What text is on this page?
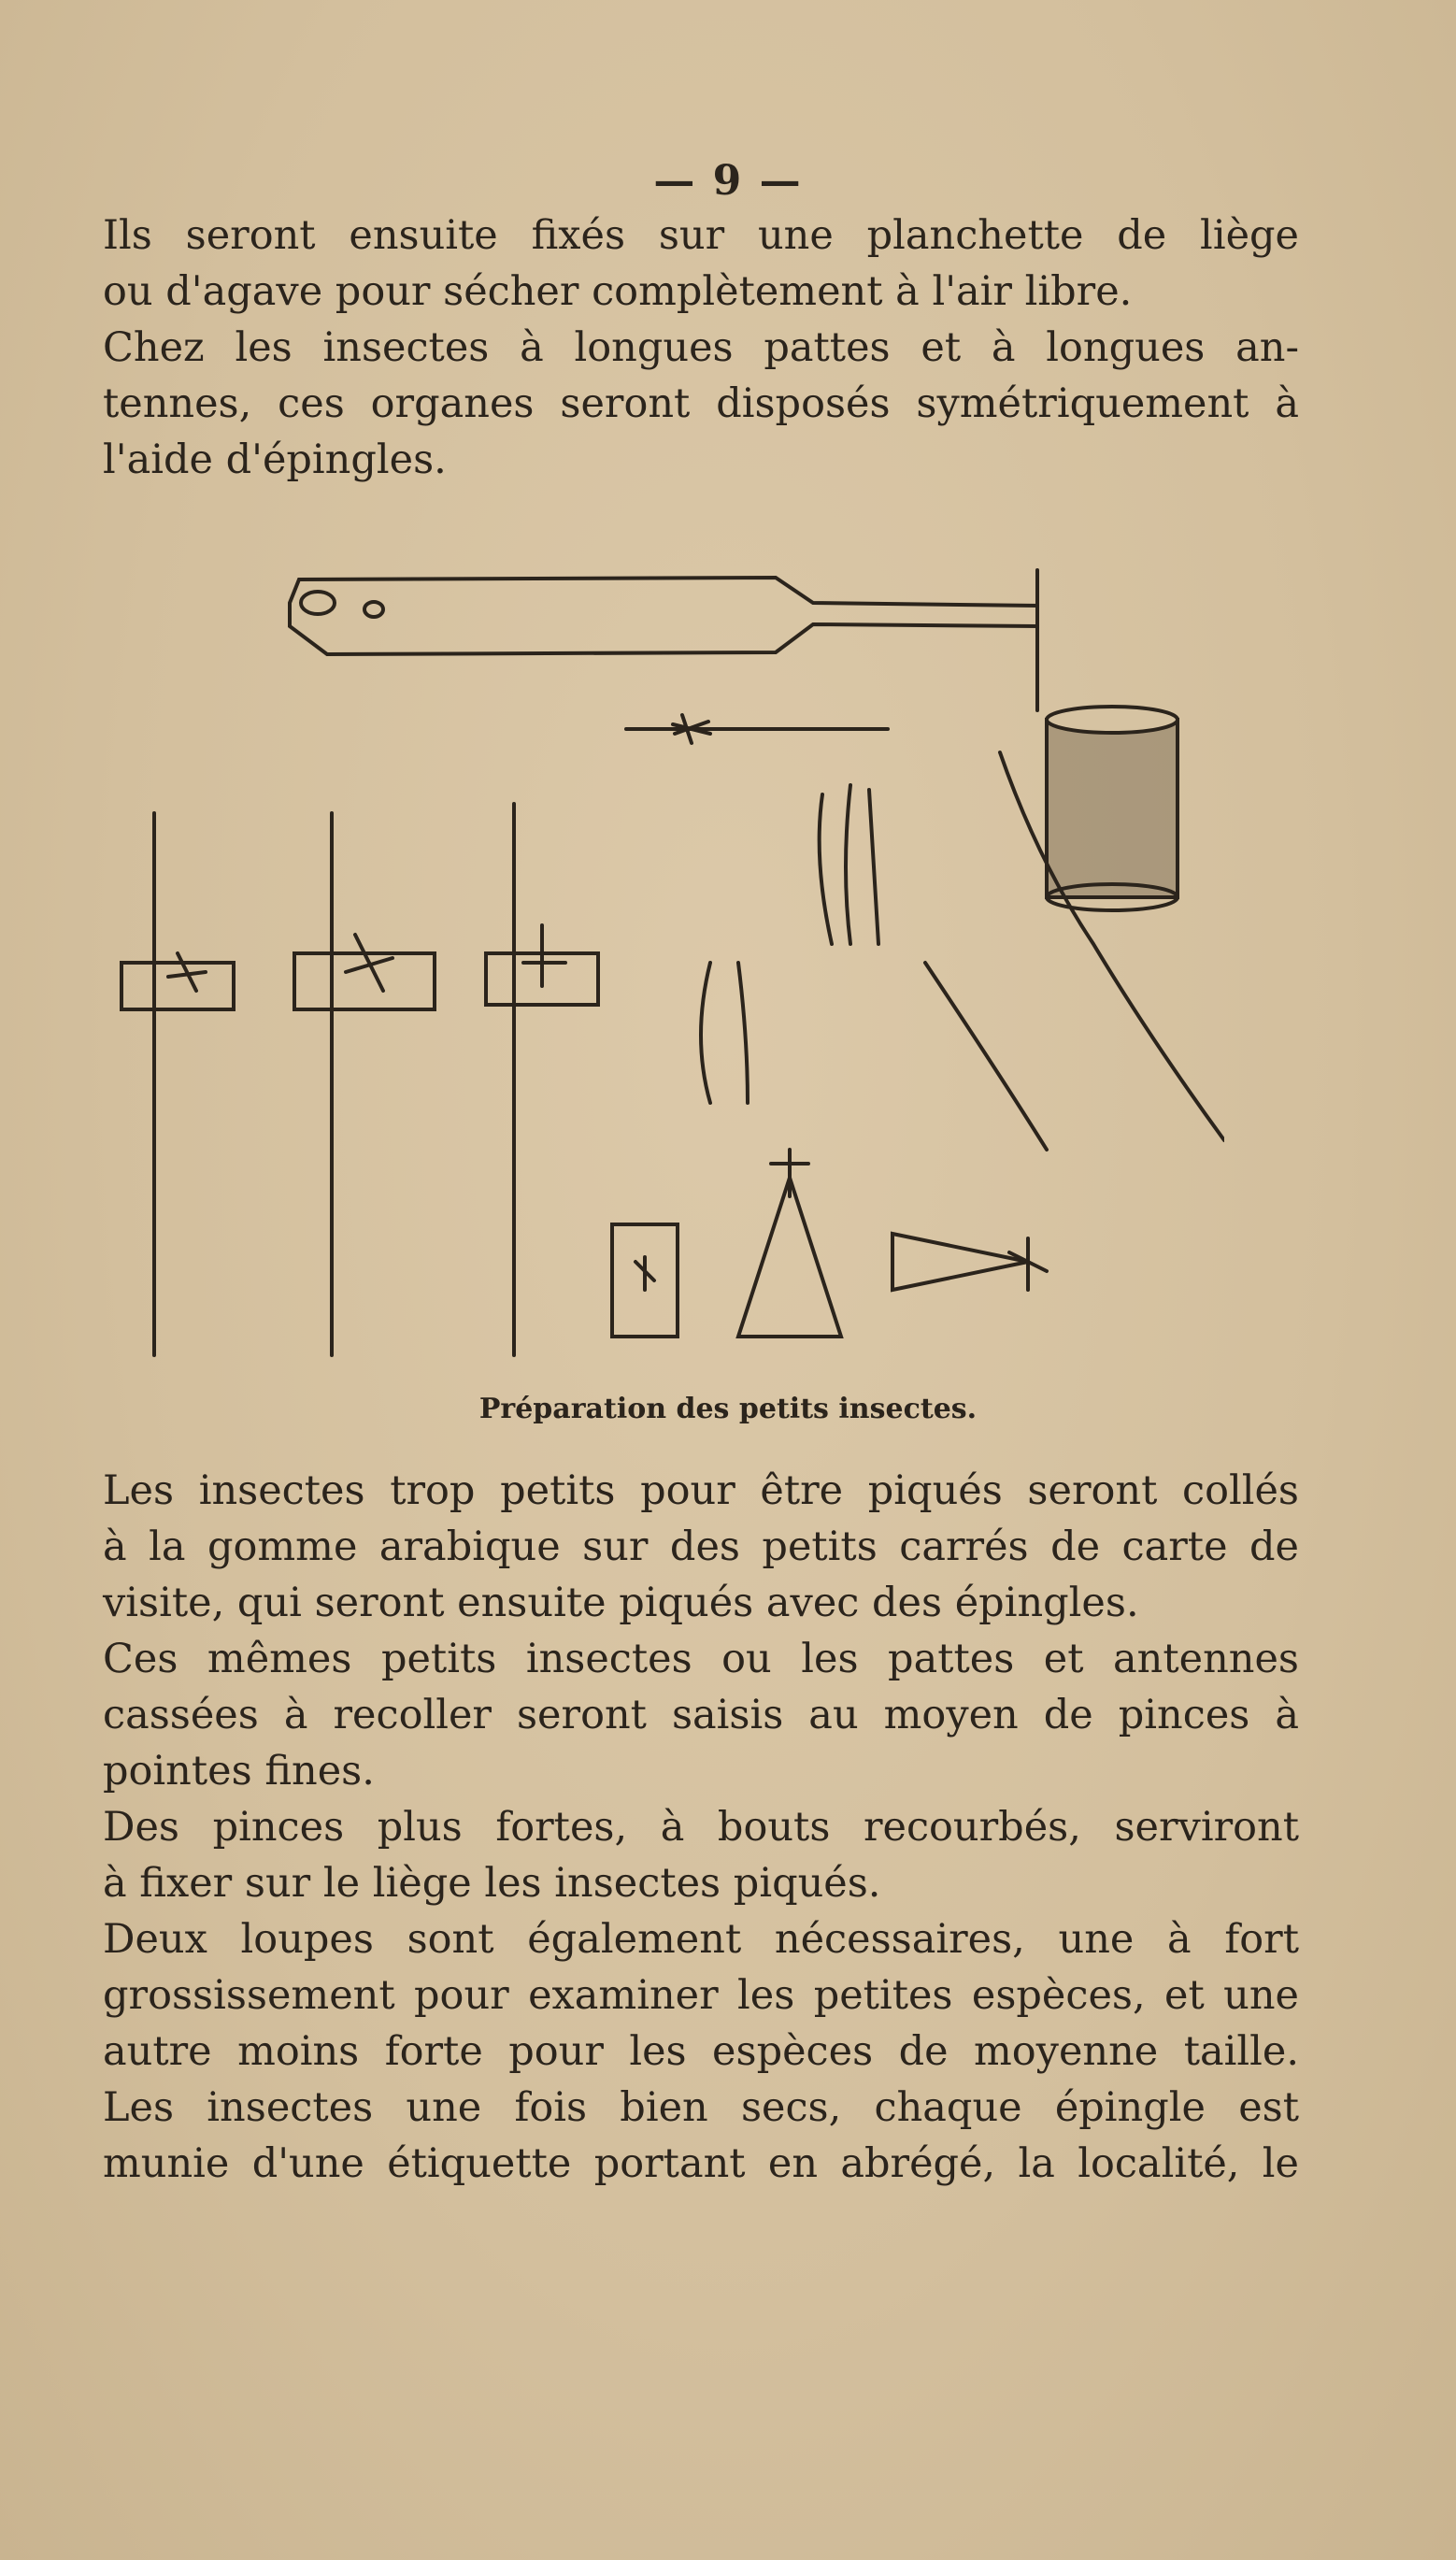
— 9 —
Ils seront ensuite fixés sur une planchette de liège
ou d'agave pour sécher complètement à l'air libre.
Chez les insectes à longues pattes et à longues an-
tennes, ces organes seront disposés symétriquement à
l'aide d'épingles.
Préparation des petits insectes.
Les insectes trop petits pour être piqués seront collés
à la gomme arabique sur des petits carrés de carte de
visite, qui seront ensuite piqués avec des épingles.
Ces mêmes petits insectes ou les pattes et antennes
cassées à recoller seront saisis au moyen de pinces à
pointes fines.
Des pinces plus fortes, à bouts recourbés, serviront
à fixer sur le liège les insectes piqués.
Deux loupes sont également nécessaires, une à fort
grossissement pour examiner les petites espèces, et une
autre moins forte pour les espèces de moyenne taille.
Les insectes une fois bien secs, chaque épingle est
munie d'une étiquette portant en abrégé, la localité, le
